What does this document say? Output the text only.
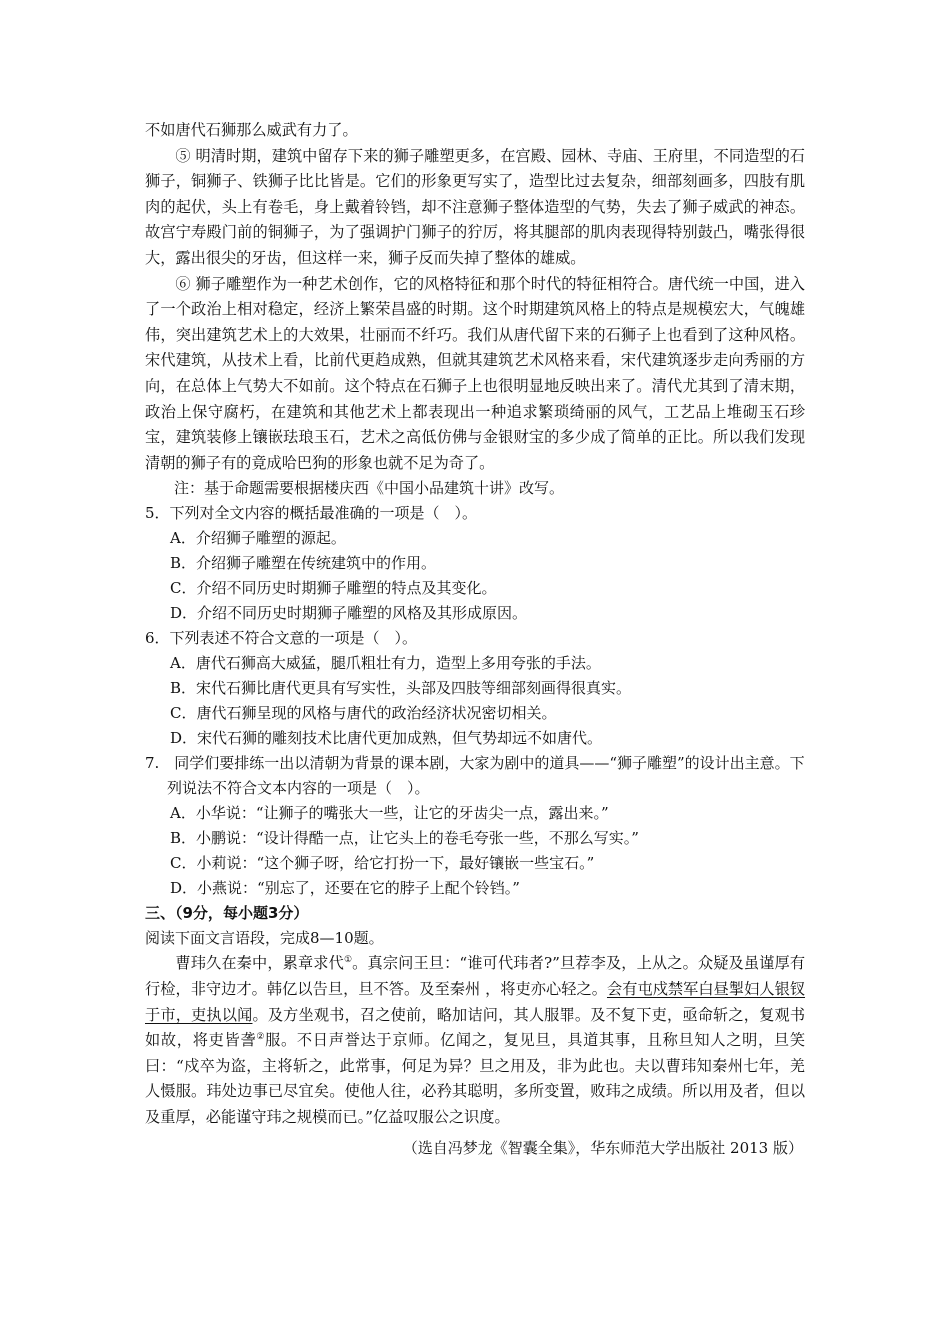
不如唐代石狮那么威武有力了。

⑤ 明清时期，建筑中留存下来的狮子雕塑更多，在宫殿、园林、寺庙、王府里，不同造型的石狮子，铜狮子、铁狮子比比皆是。它们的形象更写实了，造型比过去复杂，细部刻画多，四肢有肌肉的起伏，头上有卷毛，身上戴着铃铛，却不注意狮子整体造型的气势，失去了狮子威武的神态。故宫宁寿殿门前的铜狮子，为了强调护门狮子的狞厉，将其腿部的肌肉表现得特别鼓凸，嘴张得很大，露出很尖的牙齿，但这样一来，狮子反而失掉了整体的雄威。

⑥ 狮子雕塑作为一种艺术创作，它的风格特征和那个时代的特征相符合。唐代统一中国，进入了一个政治上相对稳定，经济上繁荣昌盛的时期。这个时期建筑风格上的特点是规模宏大，气魄雄伟，突出建筑艺术上的大效果，壮丽而不纤巧。我们从唐代留下来的石狮子上也看到了这种风格。宋代建筑，从技术上看，比前代更趋成熟，但就其建筑艺术风格来看，宋代建筑逐步走向秀丽的方向，在总体上气势大不如前。这个特点在石狮子上也很明显地反映出来了。清代尤其到了清末期，政治上保守腐朽，在建筑和其他艺术上都表现出一种追求繁琐绮丽的风气，工艺品上堆砌玉石珍宝，建筑装修上镶嵌珐琅玉石，艺术之高低仿佛与金银财宝的多少成了简单的正比。所以我们发现清朝的狮子有的竟成哈巴狗的形象也就不足为奇了。

注：基于命题需要根据楼庆西《中国小品建筑十讲》改写。

5．下列对全文内容的概括最准确的一项是（　）。

A．介绍狮子雕塑的源起。

B．介绍狮子雕塑在传统建筑中的作用。

C．介绍不同历史时期狮子雕塑的特点及其变化。

D．介绍不同历史时期狮子雕塑的风格及其形成原因。

6．下列表述不符合文意的一项是（　）。

A．唐代石狮高大威猛，腿爪粗壮有力，造型上多用夸张的手法。

B．宋代石狮比唐代更具有写实性，头部及四肢等细部刻画得很真实。

C．唐代石狮呈现的风格与唐代的政治经济状况密切相关。

D．宋代石狮的雕刻技术比唐代更加成熟，但气势却远不如唐代。

7.　同学们要排练一出以清朝为背景的课本剧，大家为剧中的道具——“狮子雕塑”的设计出主意。下列说法不符合文本内容的一项是（　）。

A．小华说：“让狮子的嘴张大一些，让它的牙齿尖一点，露出来。”

B．小鹏说：“设计得酷一点，让它头上的卷毛夸张一些，不那么写实。”

C．小莉说：“这个狮子呀，给它打扮一下，最好镶嵌一些宝石。”

D．小燕说：“别忘了，还要在它的脖子上配个铃铛。”

三、（9分，每小题3分）

阅读下面文言语段，完成8—10题。

曹玮久在秦中，累章求代①。真宗问王旦：“谁可代玮者?”旦荐李及，上从之。众疑及虽谨厚有行检，非守边才。韩亿以告旦，旦不答。及至秦州 ，将吏亦心轻之。会有屯戍禁军白昼掣妇人银钗于市，吏执以闻。及方坐观书，召之使前，略加诘问，其人服罪。及不复下吏，亟命斩之，复观书如故，将吏皆詟②服。不日声誉达于京师。亿闻之，复见旦，具道其事，且称旦知人之明，旦笑曰：“戍卒为盗，主将斩之，此常事，何足为异？旦之用及，非为此也。夫以曹玮知秦州七年，羌人慑服。玮处边事已尽宜矣。使他人往，必矜其聪明，多所变置，败玮之成绩。所以用及者，但以及重厚，必能谨守玮之规模而已。”亿益叹服公之识度。

（选自冯梦龙《智囊全集》，华东师范大学出版社 2013 版）
